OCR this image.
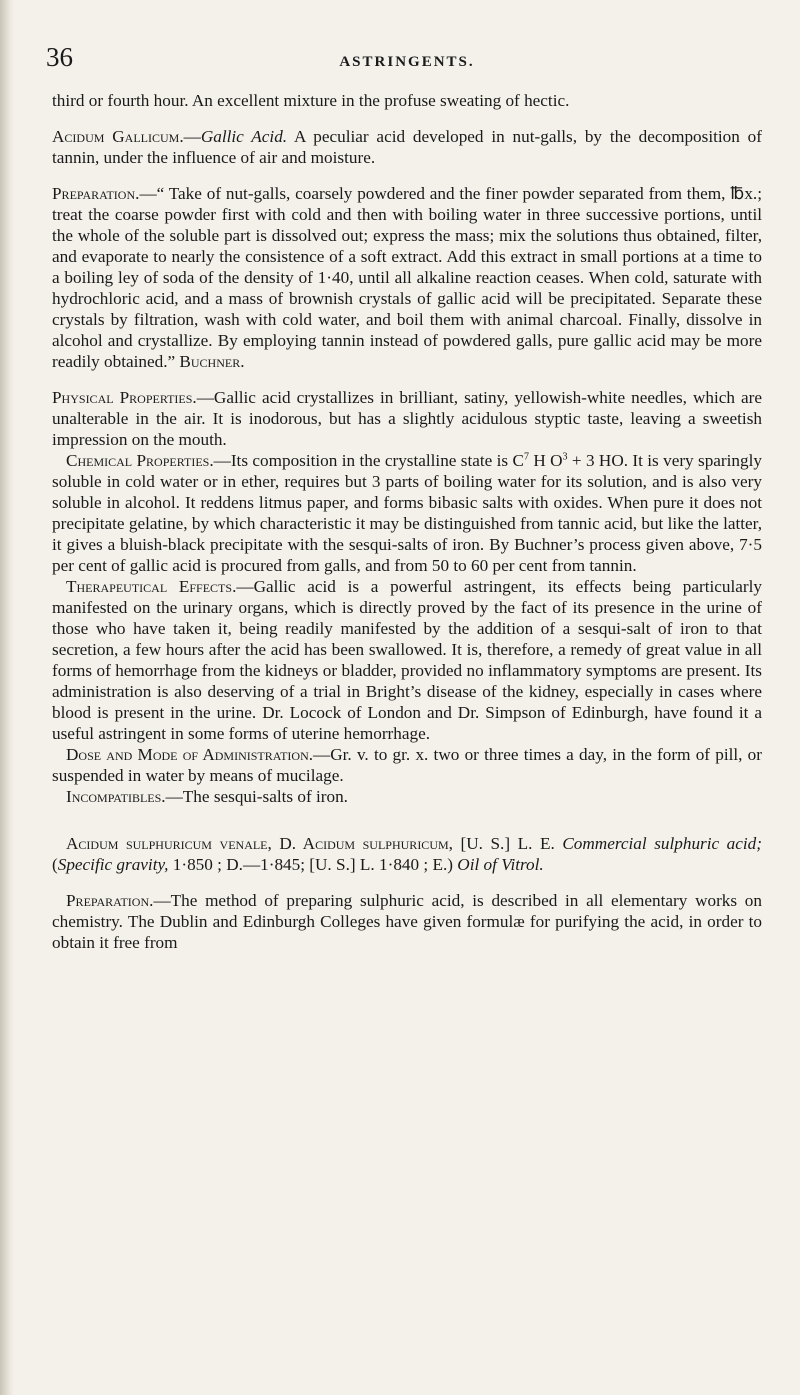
36	ASTRINGENTS.

third or fourth hour. An excellent mixture in the profuse sweating of hectic.

Acidum Gallicum.—Gallic Acid. A peculiar acid developed in nut-galls, by the decomposition of tannin, under the influence of air and moisture.

Preparation.—“ Take of nut-galls, coarsely powdered and the finer powder separated from them, ℔x.; treat the coarse powder first with cold and then with boiling water in three successive portions, until the whole of the soluble part is dissolved out; express the mass; mix the solutions thus obtained, filter, and evaporate to nearly the consistence of a soft extract. Add this extract in small portions at a time to a boiling ley of soda of the density of 1·40, until all alkaline reaction ceases. When cold, saturate with hydrochloric acid, and a mass of brownish crystals of gallic acid will be precipitated. Separate these crystals by filtration, wash with cold water, and boil them with animal charcoal. Finally, dissolve in alcohol and crystallize. By employing tannin instead of powdered galls, pure gallic acid may be more readily obtained.” Buchner.

Physical Properties.—Gallic acid crystallizes in brilliant, satiny, yellowish-white needles, which are unalterable in the air. It is inodorous, but has a slightly acidulous styptic taste, leaving a sweetish impression on the mouth.

Chemical Properties.—Its composition in the crystalline state is $C^7$ H $O^3 + 3$ HO. It is very sparingly soluble in cold water or in ether, requires but 3 parts of boiling water for its solution, and is also very soluble in alcohol. It reddens litmus paper, and forms bibasic salts with oxides. When pure it does not precipitate gelatine, by which characteristic it may be distinguished from tannic acid, but like the latter, it gives a bluish-black precipitate with the sesqui-salts of iron. By Buchner’s process given above, 7·5 per cent of gallic acid is procured from galls, and from 50 to 60 per cent from tannin.

Therapeutical Effects.—Gallic acid is a powerful astringent, its effects being particularly manifested on the urinary organs, which is directly proved by the fact of its presence in the urine of those who have taken it, being readily manifested by the addition of a sesqui-salt of iron to that secretion, a few hours after the acid has been swallowed. It is, therefore, a remedy of great value in all forms of hemorrhage from the kidneys or bladder, provided no inflammatory symptoms are present. Its administration is also deserving of a trial in Bright’s disease of the kidney, especially in cases where blood is present in the urine. Dr. Locock of London and Dr. Simpson of Edinburgh, have found it a useful astringent in some forms of uterine hemorrhage.

Dose and Mode of Administration.—Gr. v. to gr. x. two or three times a day, in the form of pill, or suspended in water by means of mucilage.

Incompatibles.—The sesqui-salts of iron.

Acidum sulphuricum venale, D. Acidum sulphuricum, [U. S.] L. E. Commercial sulphuric acid; (Specific gravity, 1·850 ; D.—1·845; [U. S.] L. 1·840 ; E.) Oil of Vitrol.

Preparation.—The method of preparing sulphuric acid, is described in all elementary works on chemistry. The Dublin and Edinburgh Colleges have given formulæ for purifying the acid, in order to obtain it free from
